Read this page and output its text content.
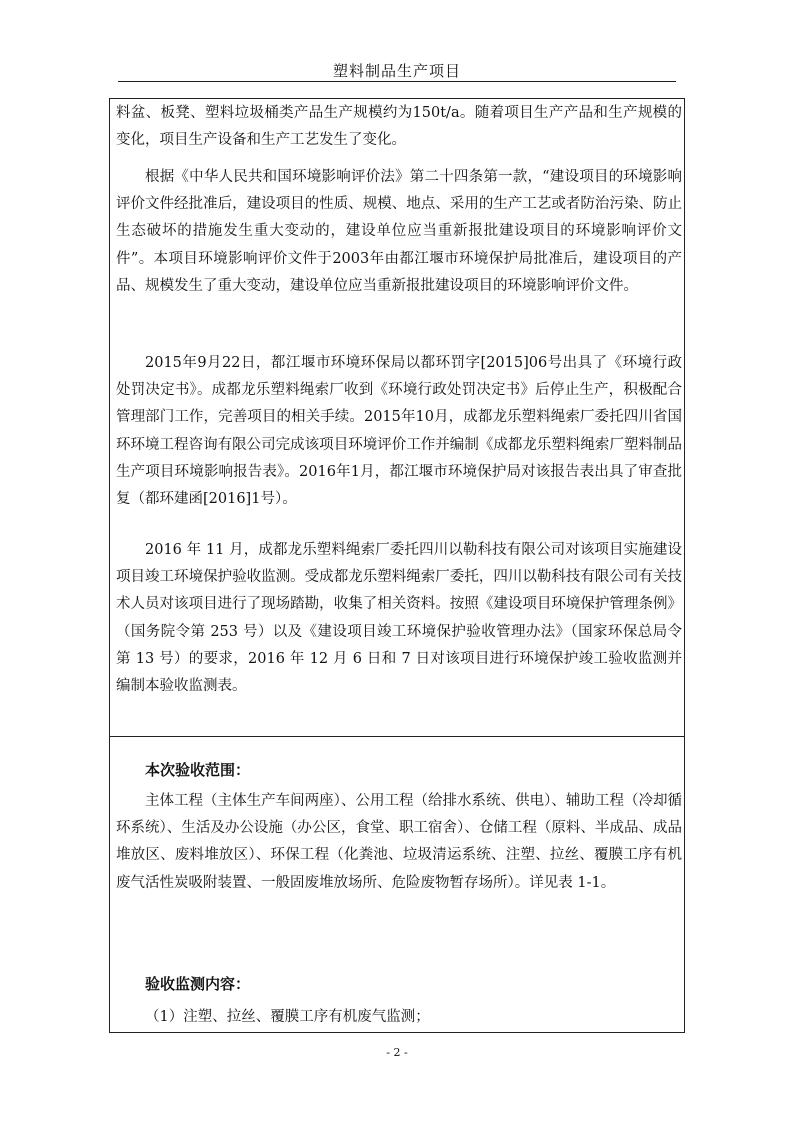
塑料制品生产项目

料盆、板凳、塑料垃圾桶类产品生产规模约为150t/a。随着项目生产产品和生产规模的变化，项目生产设备和生产工艺发生了变化。

根据《中华人民共和国环境影响评价法》第二十四条第一款，“建设项目的环境影响评价文件经批准后，建设项目的性质、规模、地点、采用的生产工艺或者防治污染、防止生态破坏的措施发生重大变动的，建设单位应当重新报批建设项目的环境影响评价文件”。本项目环境影响评价文件于2003年由都江堰市环境保护局批准后，建设项目的产品、规模发生了重大变动，建设单位应当重新报批建设项目的环境影响评价文件。

2015年9月22日，都江堰市环境环保局以都环罚字[2015]06号出具了《环境行政处罚决定书》。成都龙乐塑料绳索厂收到《环境行政处罚决定书》后停止生产，积极配合管理部门工作，完善项目的相关手续。2015年10月，成都龙乐塑料绳索厂委托四川省国环环境工程咨询有限公司完成该项目环境评价工作并编制《成都龙乐塑料绳索厂塑料制品生产项目环境影响报告表》。2016年1月，都江堰市环境保护局对该报告表出具了审查批复（都环建函[2016]1号）。

2016 年 11 月，成都龙乐塑料绳索厂委托四川以勒科技有限公司对该项目实施建设项目竣工环境保护验收监测。受成都龙乐塑料绳索厂委托，四川以勒科技有限公司有关技术人员对该项目进行了现场踏勘，收集了相关资料。按照《建设项目环境保护管理条例》（国务院令第 253 号）以及《建设项目竣工环境保护验收管理办法》（国家环保总局令第 13 号）的要求，2016 年 12 月 6 日和 7 日对该项目进行环境保护竣工验收监测并编制本验收监测表。

本次验收范围：

主体工程（主体生产车间两座）、公用工程（给排水系统、供电）、辅助工程（冷却循环系统）、生活及办公设施（办公区，食堂、职工宿舍）、仓储工程（原料、半成品、成品堆放区、废料堆放区）、环保工程（化粪池、垃圾清运系统、注塑、拉丝、覆膜工序有机废气活性炭吸附装置、一般固废堆放场所、危险废物暂存场所）。详见表 1-1。

验收监测内容：

（1）注塑、拉丝、覆膜工序有机废气监测；

- 2 -
